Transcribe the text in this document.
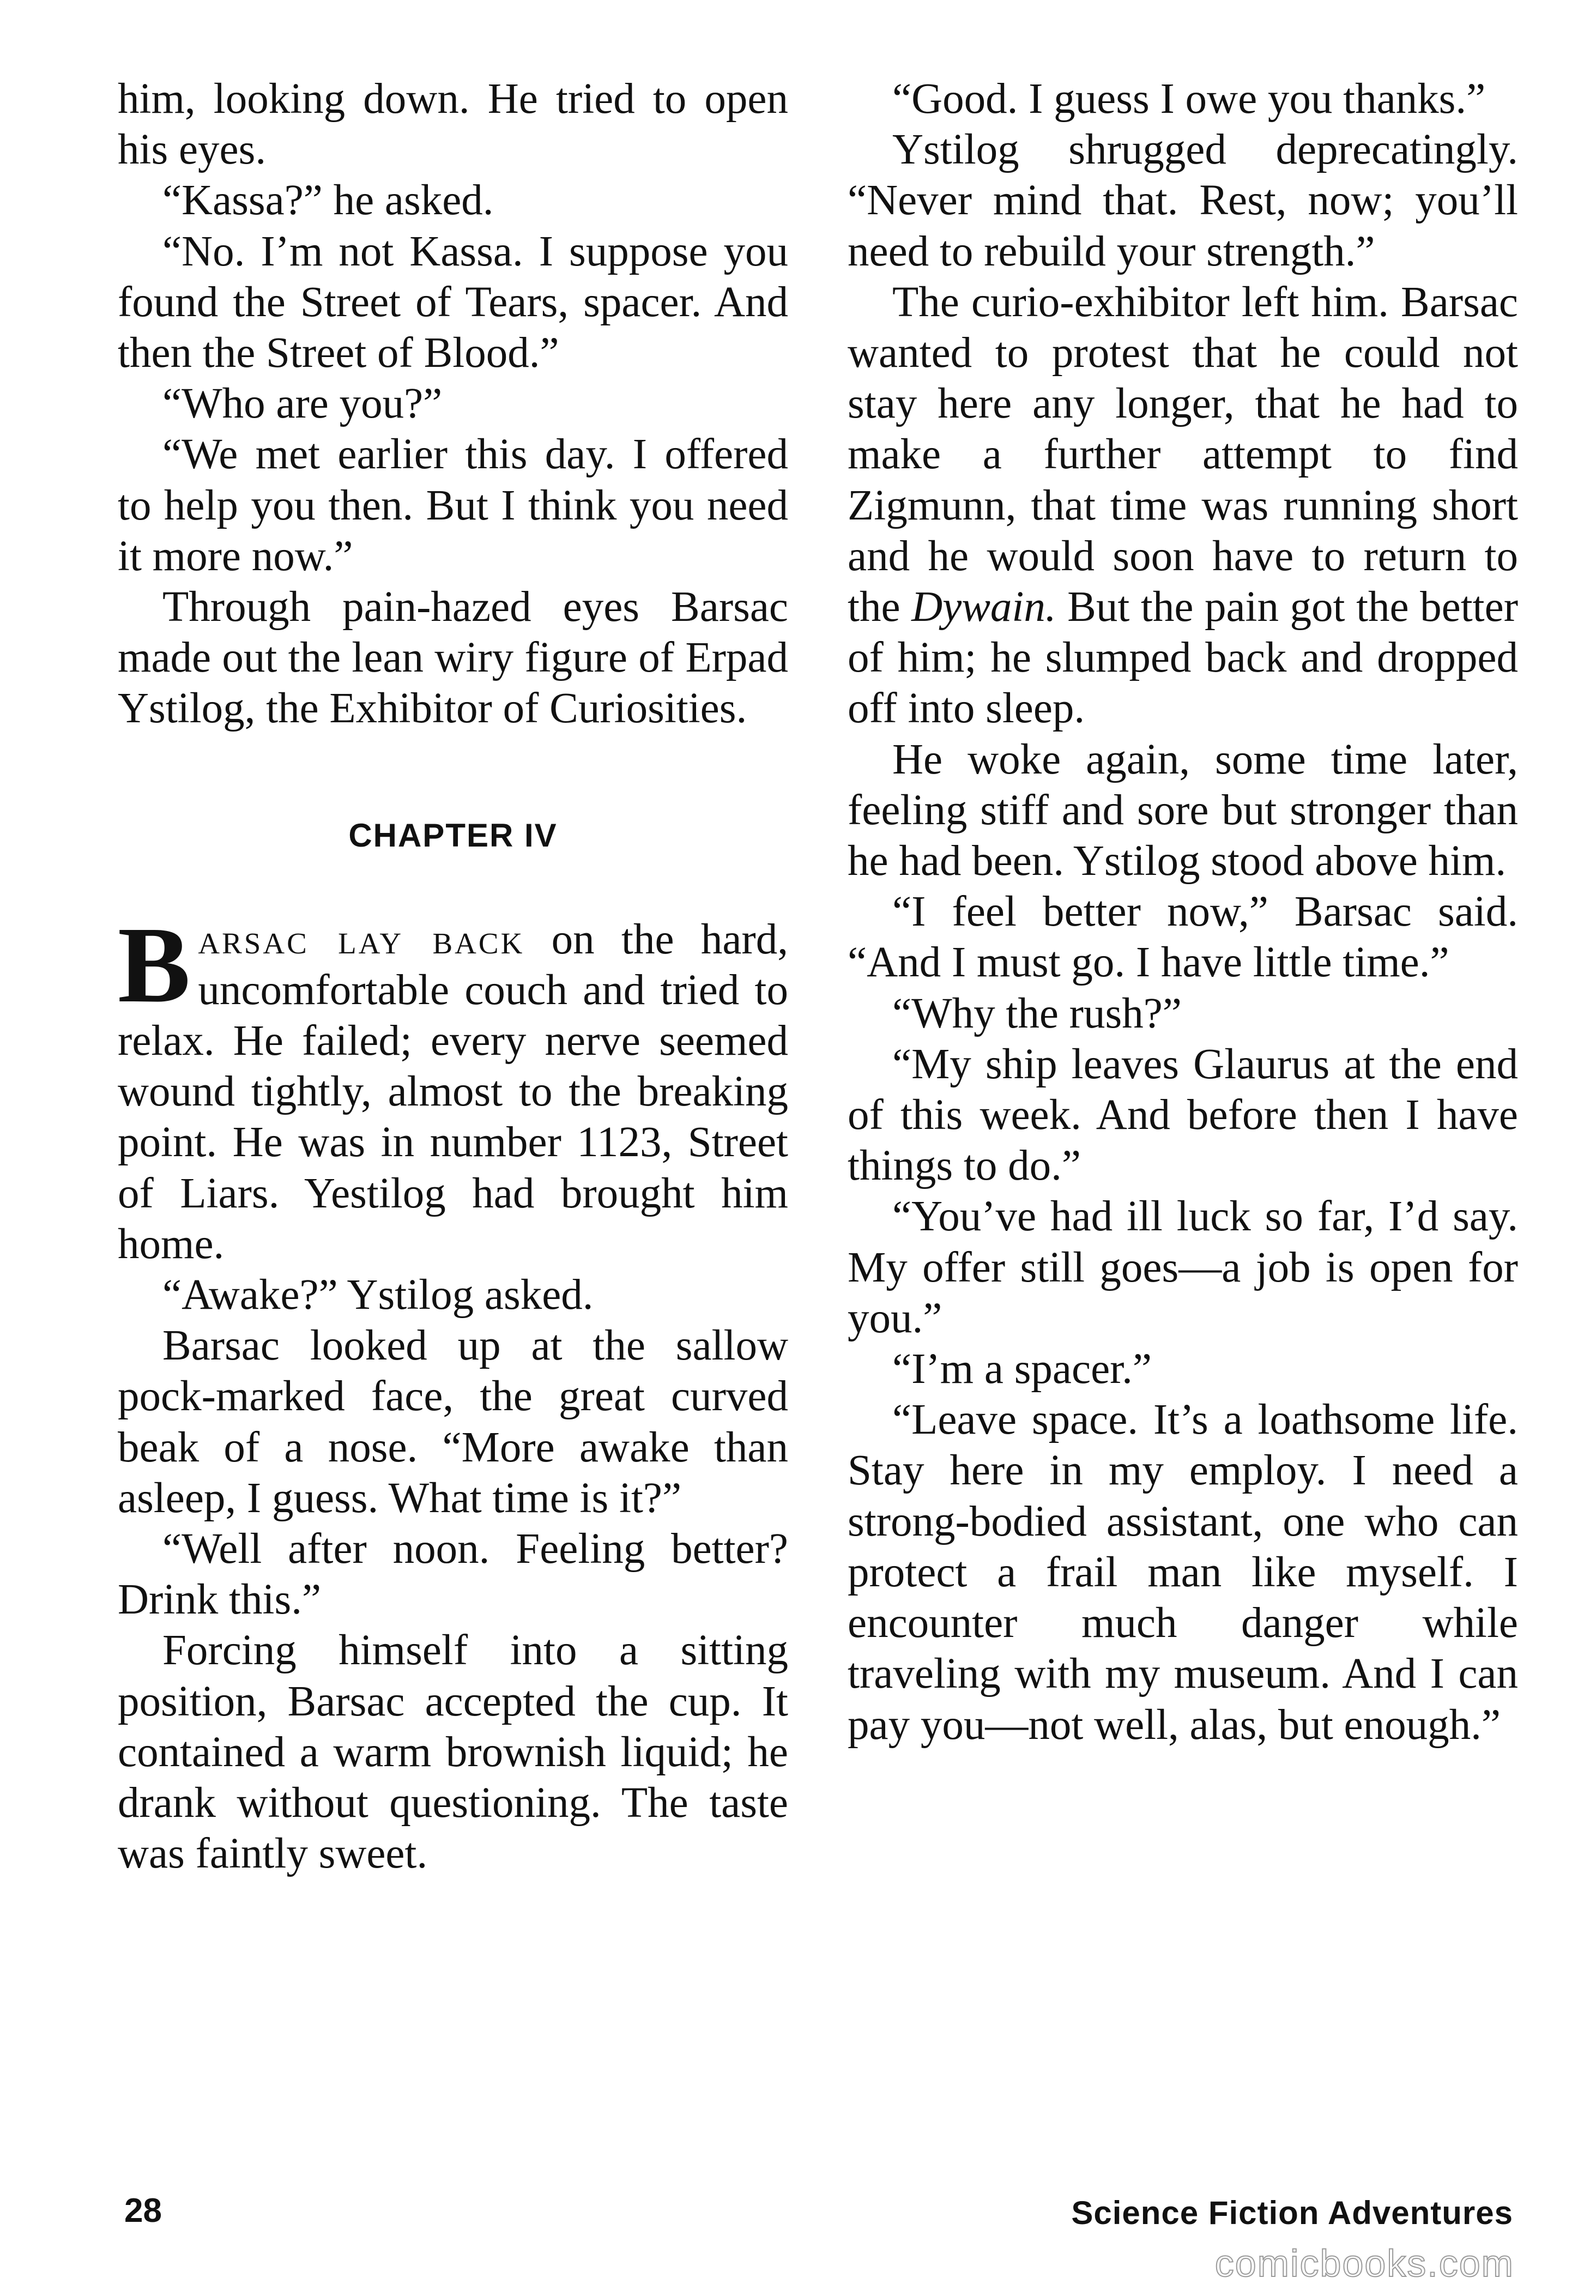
him, looking down. He tried to open his eyes.

“Kassa?” he asked.

“No. I’m not Kassa. I suppose you found the Street of Tears, spacer. And then the Street of Blood.”

“Who are you?”

“We met earlier this day. I offered to help you then. But I think you need it more now.”

Through pain-hazed eyes Barsac made out the lean wiry figure of Erpad Ystilog, the Exhibitor of Curiosities.

CHAPTER IV

Barsac lay back on the hard, uncomfortable couch and tried to relax. He failed; every nerve seemed wound tightly, almost to the breaking point. He was in number 1123, Street of Liars. Yestilog had brought him home.

“Awake?” Ystilog asked.

Barsac looked up at the sallow pock-marked face, the great curved beak of a nose. “More awake than asleep, I guess. What time is it?”

“Well after noon. Feeling better? Drink this.”

Forcing himself into a sitting position, Barsac accepted the cup. It contained a warm brownish liquid; he drank without questioning. The taste was faintly sweet.

“Good. I guess I owe you thanks.”

Ystilog shrugged deprecatingly. “Never mind that. Rest, now; you’ll need to rebuild your strength.”

The curio-exhibitor left him. Barsac wanted to protest that he could not stay here any longer, that he had to make a further attempt to find Zigmunn, that time was running short and he would soon have to return to the Dywain. But the pain got the better of him; he slumped back and dropped off into sleep.

He woke again, some time later, feeling stiff and sore but stronger than he had been. Ystilog stood above him.

“I feel better now,” Barsac said. “And I must go. I have little time.”

“Why the rush?”

“My ship leaves Glaurus at the end of this week. And before then I have things to do.”

“You’ve had ill luck so far, I’d say. My offer still goes—a job is open for you.”

“I’m a spacer.”

“Leave space. It’s a loathsome life. Stay here in my employ. I need a strong-bodied assistant, one who can protect a frail man like myself. I encounter much danger while traveling with my museum. And I can pay you—not well, alas, but enough.”

28	Science Fiction Adventures
comicbooks.com
